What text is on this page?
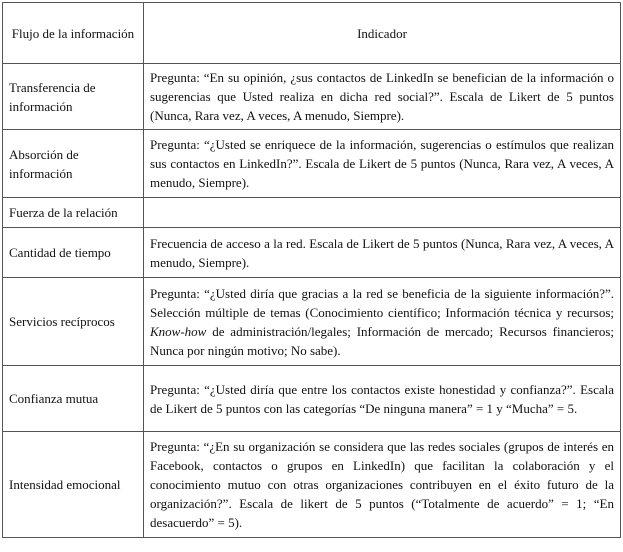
Flujo de la información	Indicador
Transferencia de información	Pregunta: “En su opinión, ¿sus contactos de LinkedIn se benefician de la información o sugerencias que Usted realiza en dicha red social?”. Escala de Likert de 5 puntos (Nunca, Rara vez, A veces, A menudo, Siempre).
Absorción de información	Pregunta: “¿Usted se enriquece de la información, sugerencias o estímulos que realizan sus contactos en LinkedIn?”. Escala de Likert de 5 puntos (Nunca, Rara vez, A veces, A menudo, Siempre).
Fuerza de la relación	
Cantidad de tiempo	Frecuencia de acceso a la red. Escala de Likert de 5 puntos (Nunca, Rara vez, A veces, A menudo, Siempre).
Servicios recíprocos	Pregunta: “¿Usted diría que gracias a la red se beneficia de la siguiente información?”. Selección múltiple de temas (Conocimiento científico; Información técnica y recursos; Know-how de administración/legales; Información de mercado; Recursos financieros; Nunca por ningún motivo; No sabe).
Confianza mutua	Pregunta: “¿Usted diría que entre los contactos existe honestidad y confianza?”. Escala de Likert de 5 puntos con las categorías “De ninguna manera” = 1 y “Mucha” = 5.
Intensidad emocional	Pregunta: “¿En su organización se considera que las redes sociales (grupos de interés en Facebook, contactos o grupos en LinkedIn) que facilitan la colaboración y el conocimiento mutuo con otras organizaciones contribuyen en el éxito futuro de la organización?”. Escala de likert de 5 puntos (“Totalmente de acuerdo” = 1; “En desacuerdo” = 5).
